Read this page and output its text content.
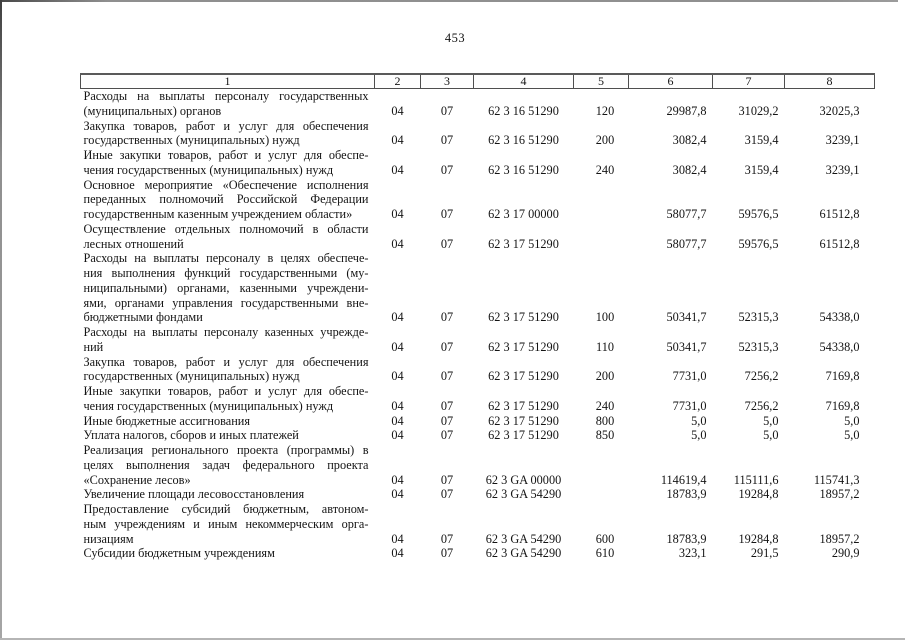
453
1	2	3	4	5	6	7	8

Расходы на выплаты персоналу государственных
(муниципальных) органов	04	07	62 3 16 51290	120	29987,8	31029,2	32025,3

Закупка товаров, работ и услуг для обеспечения
государственных (муниципальных) нужд	04	07	62 3 16 51290	200	3082,4	3159,4	3239,1

Иные закупки товаров, работ и услуг для обеспе-
чения государственных (муниципальных) нужд	04	07	62 3 16 51290	240	3082,4	3159,4	3239,1

Основное мероприятие «Обеспечение исполнения
переданных полномочий Российской Федерации
государственным казенным учреждением области»	04	07	62 3 17 00000		58077,7	59576,5	61512,8

Осуществление отдельных полномочий в области
лесных отношений	04	07	62 3 17 51290		58077,7	59576,5	61512,8

Расходы на выплаты персоналу в целях обеспече-
ния выполнения функций государственными (му-
ниципальными) органами, казенными учреждени-
ями, органами управления государственными вне-
бюджетными фондами	04	07	62 3 17 51290	100	50341,7	52315,3	54338,0

Расходы на выплаты персоналу казенных учрежде-
ний	04	07	62 3 17 51290	110	50341,7	52315,3	54338,0

Закупка товаров, работ и услуг для обеспечения
государственных (муниципальных) нужд	04	07	62 3 17 51290	200	7731,0	7256,2	7169,8

Иные закупки товаров, работ и услуг для обеспе-
чения государственных (муниципальных) нужд	04	07	62 3 17 51290	240	7731,0	7256,2	7169,8

Иные бюджетные ассигнования	04	07	62 3 17 51290	800	5,0	5,0	5,0

Уплата налогов, сборов и иных платежей	04	07	62 3 17 51290	850	5,0	5,0	5,0

Реализация регионального проекта (программы) в
целях выполнения задач федерального проекта
«Сохранение лесов»	04	07	62 3 GA 00000		114619,4	115111,6	115741,3

Увеличение площади лесовосстановления	04	07	62 3 GA 54290		18783,9	19284,8	18957,2

Предоставление субсидий бюджетным, автоном-
ным учреждениям и иным некоммерческим орга-
низациям	04	07	62 3 GA 54290	600	18783,9	19284,8	18957,2

Субсидии бюджетным учреждениям	04	07	62 3 GA 54290	610	323,1	291,5	290,9
